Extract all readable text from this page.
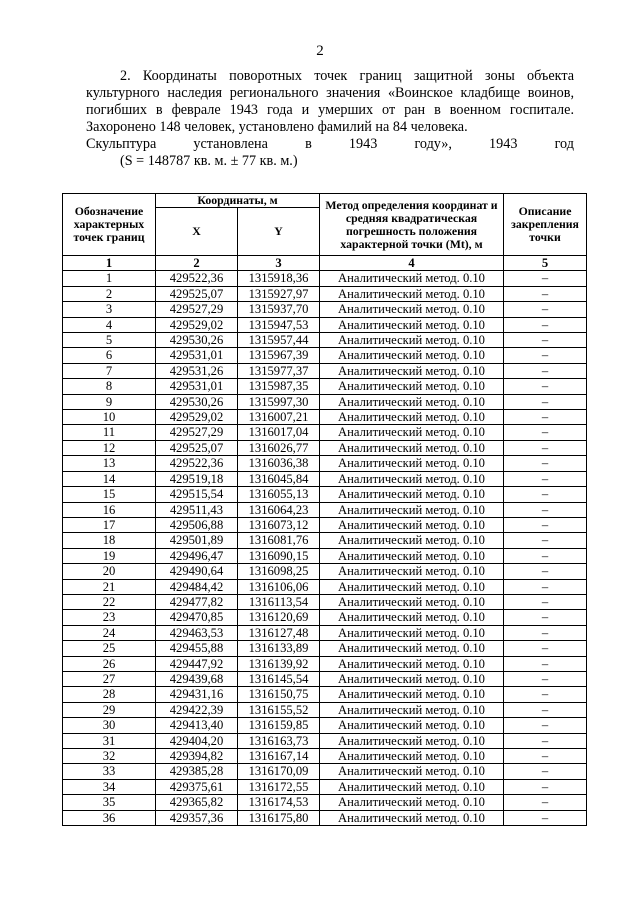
2

2. Координаты поворотных точек границ защитной зоны объекта культурного наследия регионального значения «Воинское кладбище воинов, погибших в феврале 1943 года и умерших от ран в военном госпитале. Захоронено 148 человек, установлено фамилий на 84 человека.

Скульптура	установлена	в	1943	году»,	1943	год

(S = 148787 кв. м. ± 77 кв. м.)

Обозначение характерных точек границ	Координаты, м		Метод определения координат и средняя квадратическая погрешность положения характерной точки (Mt), м	Описание закрепления точки
	X	Y		
1	2	3	4	5
1	429522,36	1315918,36	Аналитический метод. 0.10	–
2	429525,07	1315927,97	Аналитический метод. 0.10	–
3	429527,29	1315937,70	Аналитический метод. 0.10	–
4	429529,02	1315947,53	Аналитический метод. 0.10	–
5	429530,26	1315957,44	Аналитический метод. 0.10	–
6	429531,01	1315967,39	Аналитический метод. 0.10	–
7	429531,26	1315977,37	Аналитический метод. 0.10	–
8	429531,01	1315987,35	Аналитический метод. 0.10	–
9	429530,26	1315997,30	Аналитический метод. 0.10	–
10	429529,02	1316007,21	Аналитический метод. 0.10	–
11	429527,29	1316017,04	Аналитический метод. 0.10	–
12	429525,07	1316026,77	Аналитический метод. 0.10	–
13	429522,36	1316036,38	Аналитический метод. 0.10	–
14	429519,18	1316045,84	Аналитический метод. 0.10	–
15	429515,54	1316055,13	Аналитический метод. 0.10	–
16	429511,43	1316064,23	Аналитический метод. 0.10	–
17	429506,88	1316073,12	Аналитический метод. 0.10	–
18	429501,89	1316081,76	Аналитический метод. 0.10	–
19	429496,47	1316090,15	Аналитический метод. 0.10	–
20	429490,64	1316098,25	Аналитический метод. 0.10	–
21	429484,42	1316106,06	Аналитический метод. 0.10	–
22	429477,82	1316113,54	Аналитический метод. 0.10	–
23	429470,85	1316120,69	Аналитический метод. 0.10	–
24	429463,53	1316127,48	Аналитический метод. 0.10	–
25	429455,88	1316133,89	Аналитический метод. 0.10	–
26	429447,92	1316139,92	Аналитический метод. 0.10	–
27	429439,68	1316145,54	Аналитический метод. 0.10	–
28	429431,16	1316150,75	Аналитический метод. 0.10	–
29	429422,39	1316155,52	Аналитический метод. 0.10	–
30	429413,40	1316159,85	Аналитический метод. 0.10	–
31	429404,20	1316163,73	Аналитический метод. 0.10	–
32	429394,82	1316167,14	Аналитический метод. 0.10	–
33	429385,28	1316170,09	Аналитический метод. 0.10	–
34	429375,61	1316172,55	Аналитический метод. 0.10	–
35	429365,82	1316174,53	Аналитический метод. 0.10	–
36	429357,36	1316175,80	Аналитический метод. 0.10	–
